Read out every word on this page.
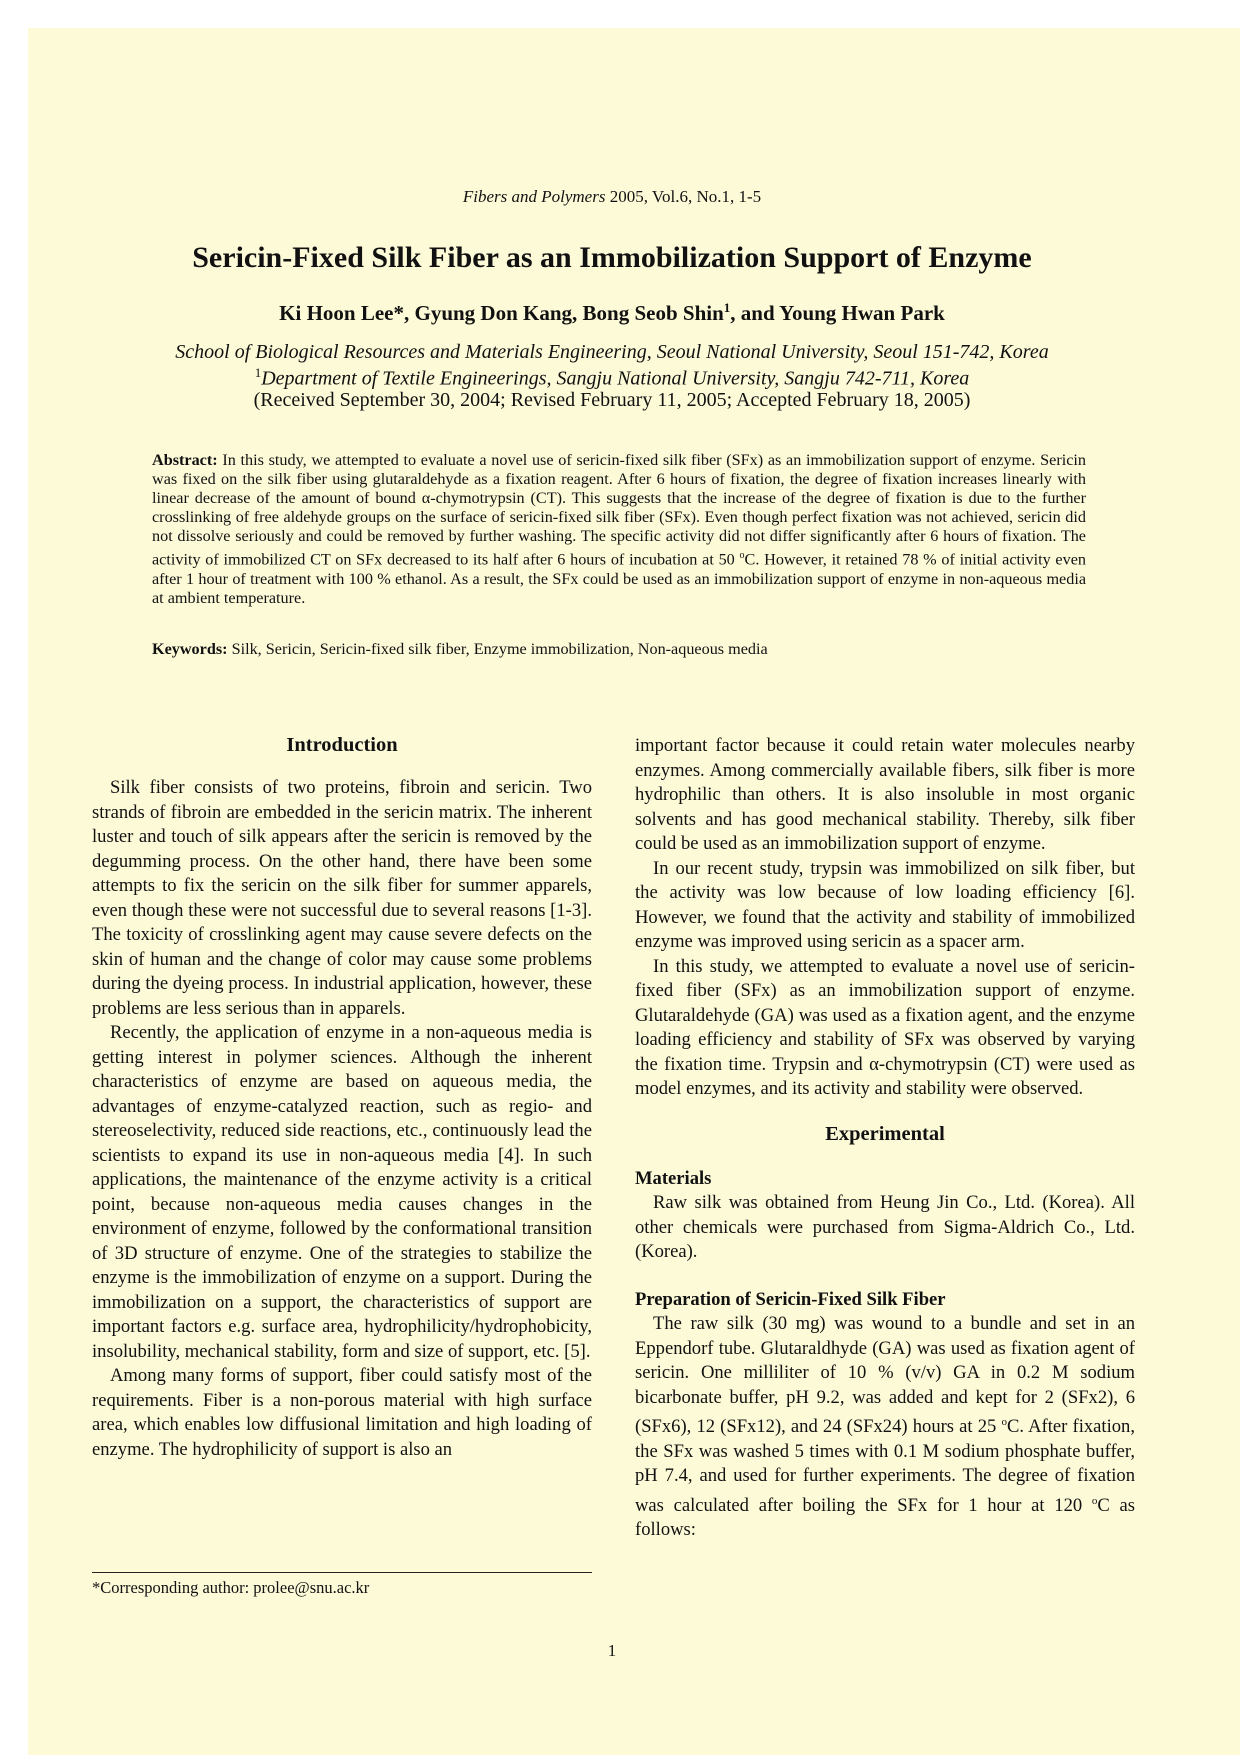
Fibers and Polymers 2005, Vol.6, No.1, 1-5
Sericin-Fixed Silk Fiber as an Immobilization Support of Enzyme
Ki Hoon Lee*, Gyung Don Kang, Bong Seob Shin$^1$, and Young Hwan Park
School of Biological Resources and Materials Engineering, Seoul National University, Seoul 151-742, Korea
$^1$Department of Textile Engineerings, Sangju National University, Sangju 742-711, Korea
(Received September 30, 2004; Revised February 11, 2005; Accepted February 18, 2005)
Abstract: In this study, we attempted to evaluate a novel use of sericin-fixed silk fiber (SFx) as an immobilization support of enzyme. Sericin was fixed on the silk fiber using glutaraldehyde as a fixation reagent. After 6 hours of fixation, the degree of fixation increases linearly with linear decrease of the amount of bound α-chymotrypsin (CT). This suggests that the increase of the degree of fixation is due to the further crosslinking of free aldehyde groups on the surface of sericin-fixed silk fiber (SFx). Even though perfect fixation was not achieved, sericin did not dissolve seriously and could be removed by further washing. The specific activity did not differ significantly after 6 hours of fixation. The activity of immobilized CT on SFx decreased to its half after 6 hours of incubation at 50 $^o$C. However, it retained 78 % of initial activity even after 1 hour of treatment with 100 % ethanol. As a result, the SFx could be used as an immobilization support of enzyme in non-aqueous media at ambient temperature.
Keywords: Silk, Sericin, Sericin-fixed silk fiber, Enzyme immobilization, Non-aqueous media
Introduction

Silk fiber consists of two proteins, fibroin and sericin. Two strands of fibroin are embedded in the sericin matrix. The inherent luster and touch of silk appears after the sericin is removed by the degumming process. On the other hand, there have been some attempts to fix the sericin on the silk fiber for summer apparels, even though these were not successful due to several reasons [1-3]. The toxicity of crosslinking agent may cause severe defects on the skin of human and the change of color may cause some problems during the dyeing process. In industrial application, however, these problems are less serious than in apparels.

Recently, the application of enzyme in a non-aqueous media is getting interest in polymer sciences. Although the inherent characteristics of enzyme are based on aqueous media, the advantages of enzyme-catalyzed reaction, such as regio- and stereoselectivity, reduced side reactions, etc., continuously lead the scientists to expand its use in non-aqueous media [4]. In such applications, the maintenance of the enzyme activity is a critical point, because non-aqueous media causes changes in the environment of enzyme, followed by the conformational transition of 3D structure of enzyme. One of the strategies to stabilize the enzyme is the immobilization of enzyme on a support. During the immobilization on a support, the characteristics of support are important factors e.g. surface area, hydrophilicity/hydrophobicity, insolubility, mechanical stability, form and size of support, etc. [5].

Among many forms of support, fiber could satisfy most of the requirements. Fiber is a non-porous material with high surface area, which enables low diffusional limitation and high loading of enzyme. The hydrophilicity of support is also an

important factor because it could retain water molecules nearby enzymes. Among commercially available fibers, silk fiber is more hydrophilic than others. It is also insoluble in most organic solvents and has good mechanical stability. Thereby, silk fiber could be used as an immobilization support of enzyme.

In our recent study, trypsin was immobilized on silk fiber, but the activity was low because of low loading efficiency [6]. However, we found that the activity and stability of immobilized enzyme was improved using sericin as a spacer arm.

In this study, we attempted to evaluate a novel use of sericin-fixed fiber (SFx) as an immobilization support of enzyme. Glutaraldehyde (GA) was used as a fixation agent, and the enzyme loading efficiency and stability of SFx was observed by varying the fixation time. Trypsin and α-chymotrypsin (CT) were used as model enzymes, and its activity and stability were observed.

Experimental
Materials

Raw silk was obtained from Heung Jin Co., Ltd. (Korea). All other chemicals were purchased from Sigma-Aldrich Co., Ltd. (Korea).

Preparation of Sericin-Fixed Silk Fiber

The raw silk (30 mg) was wound to a bundle and set in an Eppendorf tube. Glutaraldhyde (GA) was used as fixation agent of sericin. One milliliter of 10 % (v/v) GA in 0.2 M sodium bicarbonate buffer, pH 9.2, was added and kept for 2 (SFx2), 6 (SFx6), 12 (SFx12), and 24 (SFx24) hours at 25 $^o$C. After fixation, the SFx was washed 5 times with 0.1 M sodium phosphate buffer, pH 7.4, and used for further experiments. The degree of fixation was calculated after boiling the SFx for 1 hour at 120 $^o$C as follows:

*Corresponding author: prolee@snu.ac.kr
1
